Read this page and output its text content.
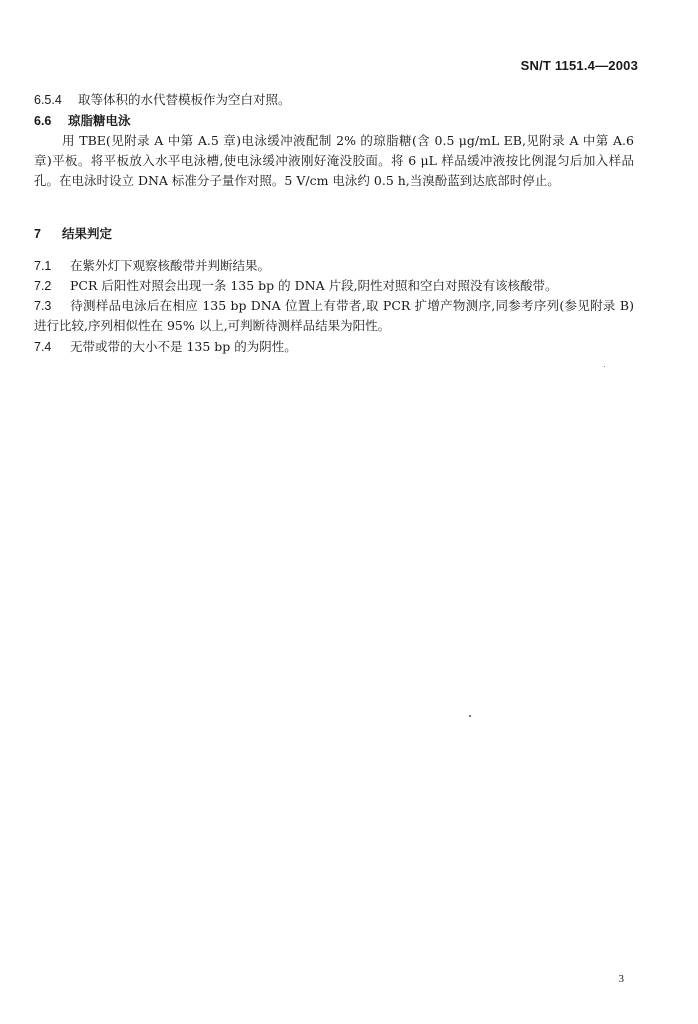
SN/T 1151.4—2003
6.5.4 取等体积的水代替模板作为空白对照。
6.6 琼脂糖电泳
用 TBE(见附录 A 中第 A.5 章)电泳缓冲液配制 2% 的琼脂糖(含 0.5 μg/mL EB,见附录 A 中第 A.6 章)平板。将平板放入水平电泳槽,使电泳缓冲液刚好淹没胶面。将 6 μL 样品缓冲液按比例混匀后加入样品孔。在电泳时设立 DNA 标准分子量作对照。5 V/cm 电泳约 0.5 h,当溴酚蓝到达底部时停止。
7 结果判定
7.1 在紫外灯下观察核酸带并判断结果。
7.2 PCR 后阳性对照会出现一条 135 bp 的 DNA 片段,阴性对照和空白对照没有该核酸带。
7.3 待测样品电泳后在相应 135 bp DNA 位置上有带者,取 PCR 扩增产物测序,同参考序列(参见附录 B)进行比较,序列相似性在 95% 以上,可判断待测样品结果为阳性。
7.4 无带或带的大小不是 135 bp 的为阴性。
3
